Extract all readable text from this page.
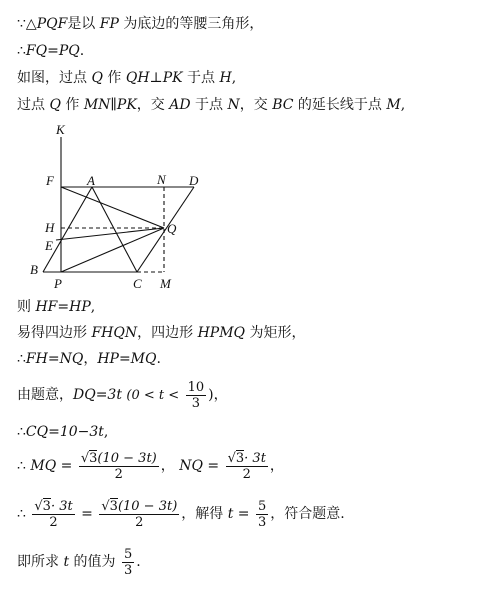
∵△PQF是以 FP 为底边的等腰三角形，
∴FQ=PQ.
如图，过点 Q 作 QH⊥PK 于点 H,
过点 Q 作 MN∥PK，交 AD 于点 N，交 BC 的延长线于点 M,
K
F	A	N D
H	Q
E
B
P	C M
则 HF=HP,
易得四边形 FHQN，四边形 HPMQ 为矩形，
∴FH=NQ，HP=MQ.
由题意，DQ=3t ($0 < t < \frac{10}{3}$ )，
∴CQ=10−3t,
∴ MQ = $\frac{√3(10 - 3t)}{2}$ ， NQ = $\frac{√3\cdot 3t}{2}$ ，
∴ $\frac{√3\cdot 3t}{2} = \frac{√3(10 - 3t)}{2}$ ，解得 $t = \frac{5}{3}$ ，符合题意.
即所求 t 的值为 $\frac{5}{3}$ .
